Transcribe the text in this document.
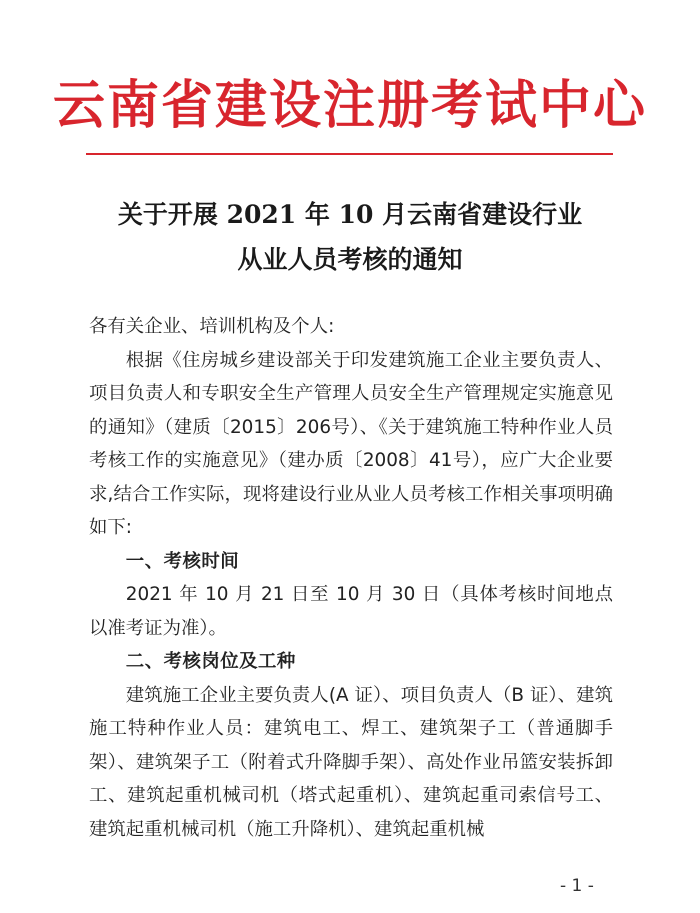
云南省建设注册考试中心
关于开展 2021 年 10 月云南省建设行业
从业人员考核的通知

各有关企业、培训机构及个人:

根据《住房城乡建设部关于印发建筑施工企业主要负责人、项目负责人和专职安全生产管理人员安全生产管理规定实施意见的通知》（建质〔2015〕206号）、《关于建筑施工特种作业人员考核工作的实施意见》（建办质〔2008〕41号），应广大企业要求,结合工作实际，现将建设行业从业人员考核工作相关事项明确如下:

一、考核时间

2021 年 10 月 21 日至 10 月 30 日（具体考核时间地点以准考证为准）。

二、考核岗位及工种

建筑施工企业主要负责人(A 证）、项目负责人（B 证）、建筑施工特种作业人员：建筑电工、焊工、建筑架子工（普通脚手架）、建筑架子工（附着式升降脚手架）、高处作业吊篮安装拆卸工、建筑起重机械司机（塔式起重机）、建筑起重司索信号工、建筑起重机械司机（施工升降机）、建筑起重机械

- 1 -
